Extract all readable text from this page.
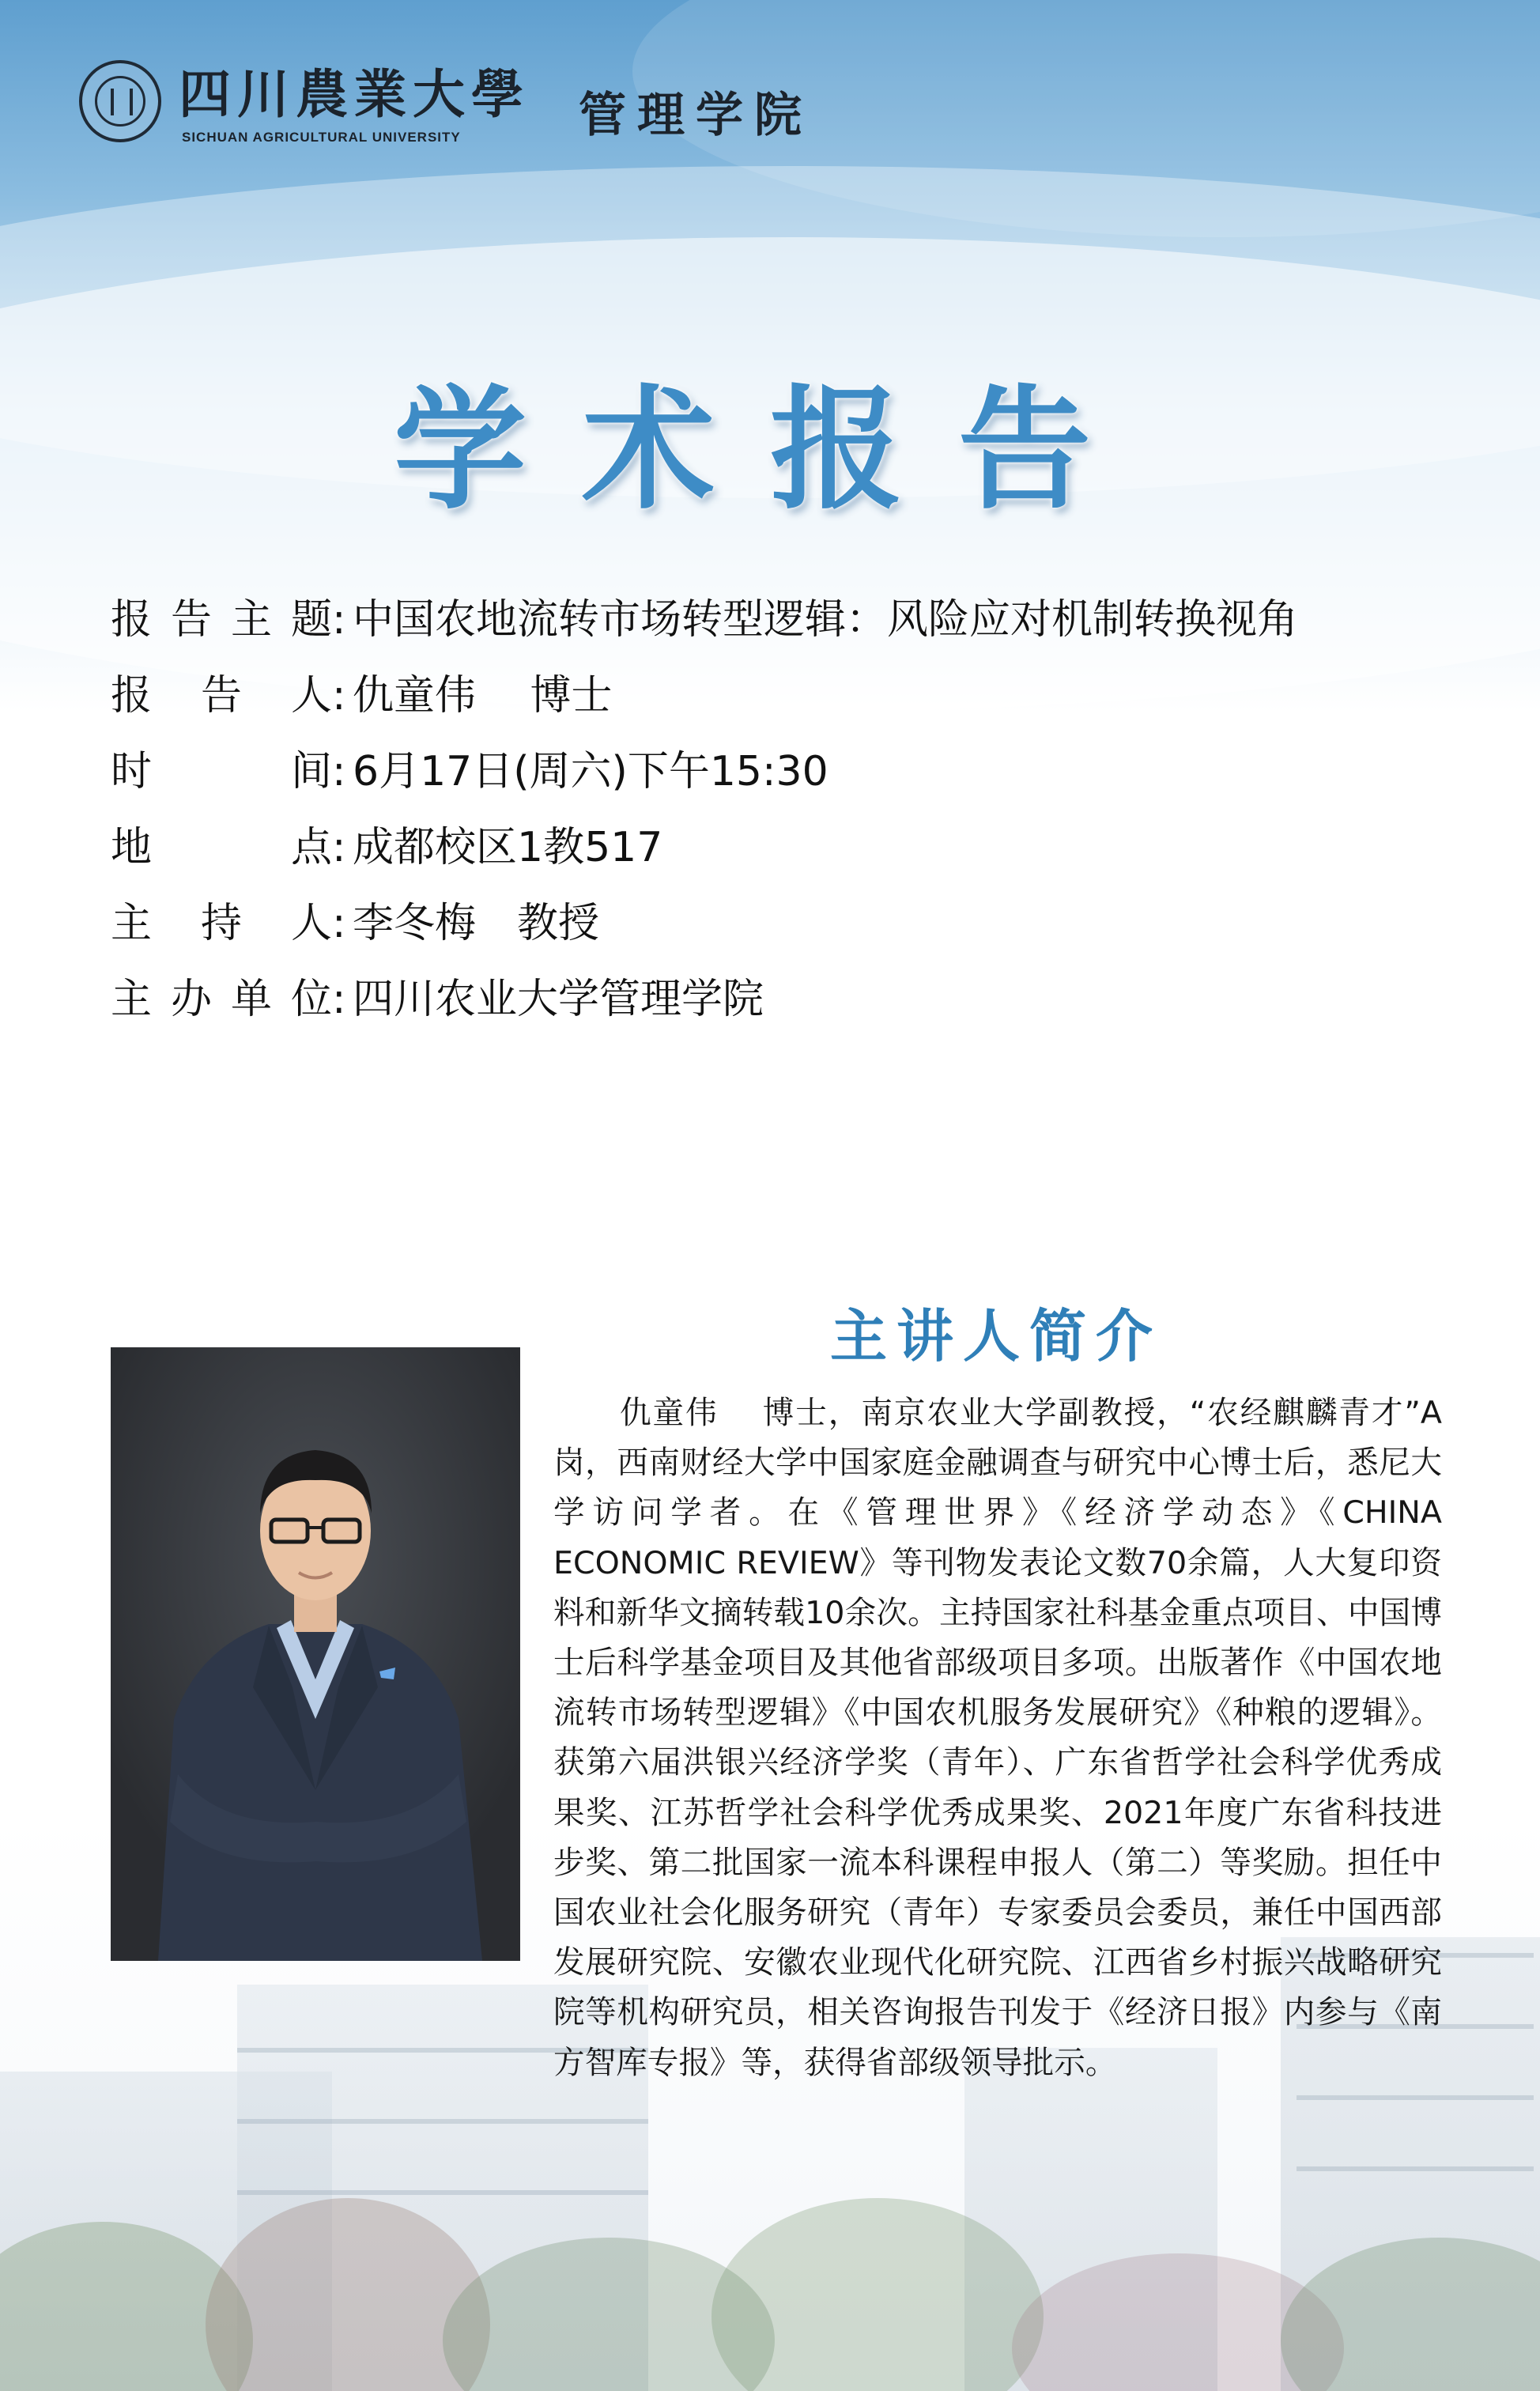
四川農業大學
SICHUAN AGRICULTURAL UNIVERSITY 管理学院
学术报告
报告主题 : 中国农地流转市场转型逻辑：风险应对机制转换视角
报告人 : 仇童伟　 博士
时间 : 6月17日(周六)下午15:30
地点 : 成都校区1教517
主持人 : 李冬梅　教授
主办单位 : 四川农业大学管理学院
主讲人简介

仇童伟　 博士，南京农业大学副教授，“农经麒麟青才”A岗，西南财经大学中国家庭金融调查与研究中心博士后，悉尼大学访问学者。在《管理世界》《经济学动态》《CHINA ECONOMIC REVIEW》等刊物发表论文数70余篇，人大复印资料和新华文摘转载10余次。主持国家社科基金重点项目、中国博士后科学基金项目及其他省部级项目多项。出版著作《中国农地流转市场转型逻辑》《中国农机服务发展研究》《种粮的逻辑》。获第六届洪银兴经济学奖（青年）、广东省哲学社会科学优秀成果奖、江苏哲学社会科学优秀成果奖、2021年度广东省科技进步奖、第二批国家一流本科课程申报人（第二）等奖励。担任中国农业社会化服务研究（青年）专家委员会委员，兼任中国西部发展研究院、安徽农业现代化研究院、江西省乡村振兴战略研究院等机构研究员，相关咨询报告刊发于《经济日报》内参与《南方智库专报》等，获得省部级领导批示。
